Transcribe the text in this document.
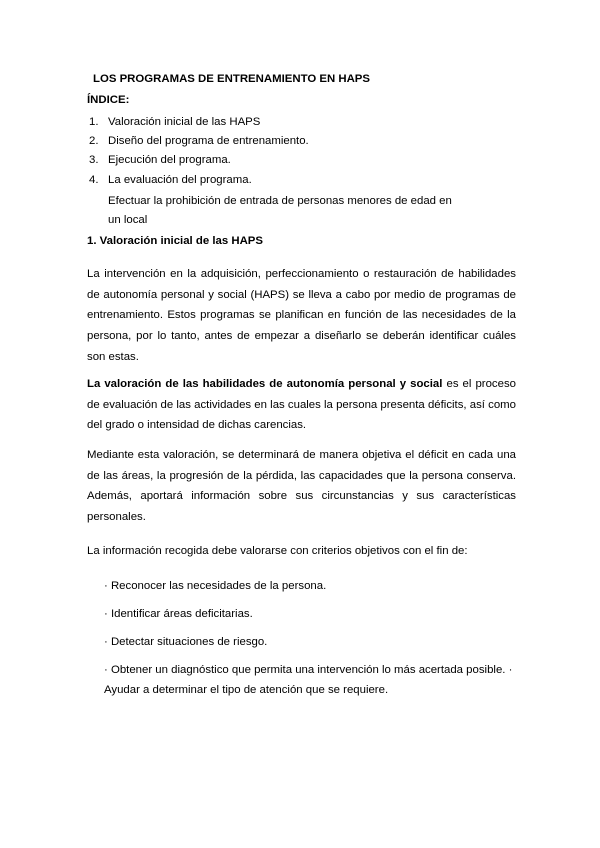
LOS PROGRAMAS DE ENTRENAMIENTO EN HAPS
ÍNDICE:
1. Valoración inicial de las HAPS
2. Diseño del programa de entrenamiento.
3. Ejecución del programa.
4. La evaluación del programa.
Efectuar la prohibición de entrada de personas menores de edad en
un local
1. Valoración inicial de las HAPS
La intervención en la adquisición, perfeccionamiento o restauración de habilidades de autonomía personal y social (HAPS) se lleva a cabo por medio de programas de entrenamiento. Estos programas se planifican en función de las necesidades de la persona, por lo tanto, antes de empezar a diseñarlo se deberán identificar cuáles son estas.
La valoración de las habilidades de autonomía personal y social es el proceso de evaluación de las actividades en las cuales la persona presenta déficits, así como del grado o intensidad de dichas carencias.
Mediante esta valoración, se determinará de manera objetiva el déficit en cada una de las áreas, la progresión de la pérdida, las capacidades que la persona conserva. Además, aportará información sobre sus circunstancias y sus características personales.
La información recogida debe valorarse con criterios objetivos con el fin de:
· Reconocer las necesidades de la persona.
· Identificar áreas deficitarias.
· Detectar situaciones de riesgo.
· Obtener un diagnóstico que permita una intervención lo más acertada posible. ·
Ayudar a determinar el tipo de atención que se requiere.
